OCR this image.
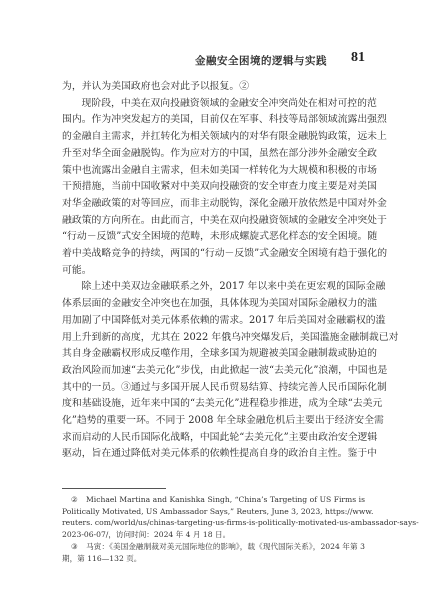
金融安全困境的逻辑与实践 81

为，并认为美国政府也会对此予以报复。②

现阶段，中美在双向投融资领域的金融安全冲突尚处在相对可控的范
围内。作为冲突发起方的美国，目前仅在军事、科技等局部领域流露出强烈
的金融自主需求，并扛转化为相关领域内的对华有限金融脱钩政策，远未上
升至对华全面金融脱钩。作为应对方的中国，虽然在部分涉外金融安全政
策中也流露出金融自主需求，但未如美国一样转化为大规模和积极的市场
干预措施，当前中国收紧对中美双向投融资的安全审查力度主要是对美国
对华金融政策的对等回应，而非主动脱钩，深化金融开放依然是中国对外金
融政策的方向所在。由此而言，中美在双向投融资领域的金融安全冲突处于
“行动－反馈”式安全困境的范畴，未形成螺旋式恶化样态的安全困境。随
着中美战略竞争的持续，两国的“行动－反馈”式金融安全困境有趋于强化的
可能。

除上述中美双边金融联系之外，2017 年以来中美在更宏观的国际金融
体系层面的金融安全冲突也在加强，具体体现为美国对国际金融权力的滥
用加剧了中国降低对美元体系依赖的需求。2017 年后美国对金融霸权的滥
用上升到新的高度，尤其在 2022 年俄乌冲突爆发后，美国滥施金融制裁已对
其自身金融霸权形成反噬作用，全球多国为规避被美国金融制裁或胁迫的
政治风险而加速“去美元化”步伐，由此掀起一波“去美元化”浪潮，中国也是
其中的一员。③通过与多国开展人民币贸易结算、持续完善人民币国际化制
度和基础设施，近年来中国的“去美元化”进程稳步推进，成为全球“去美元
化”趋势的重要一环。不同于 2008 年全球金融危机后主要出于经济安全需
求而启动的人民币国际化战略，中国此轮“去美元化”主要由政治安全逻辑
驱动，旨在通过降低对美元体系的依赖性提高自身的政治自主性。鉴于中

② Michael Martina and Kanishka Singh, “China’s Targeting of US Firms is
Politically Motivated, US Ambassador Says,” Reuters, June 3, 2023, https://www.
reuters. com/world/us/chinas-targeting-us-firms-is-politically-motivated-us-ambassador-says-
2023-06-07/，访问时间：2024 年 4 月 18 日。
③ 马寅：《美国金融制裁对美元国际地位的影响》，载《现代国际关系》，2024 年第 3
期，第 116—132 页。
